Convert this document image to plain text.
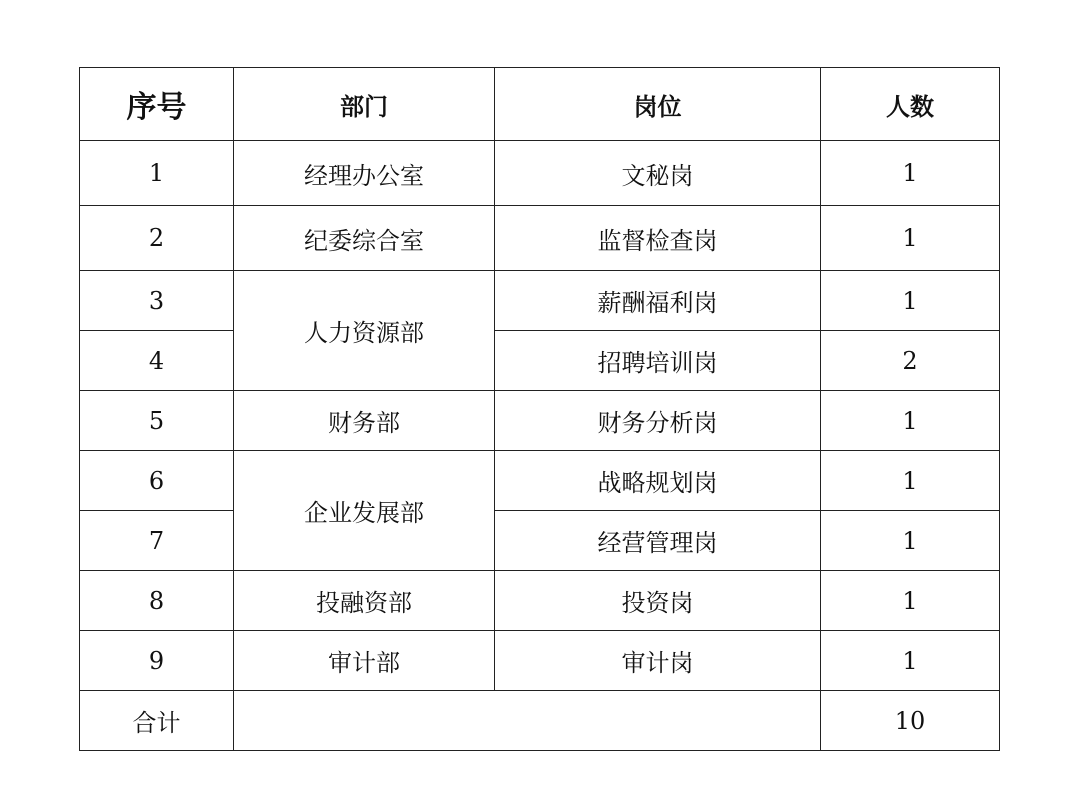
序号	部门	岗位	人数
1	经理办公室	文秘岗	1
2	纪委综合室	监督检查岗	1
3	人力资源部	薪酬福利岗	1
4		招聘培训岗	2
5	财务部	财务分析岗	1
6	企业发展部	战略规划岗	1
7		经营管理岗	1
8	投融资部	投资岗	1
9	审计部	审计岗	1
合计			10
